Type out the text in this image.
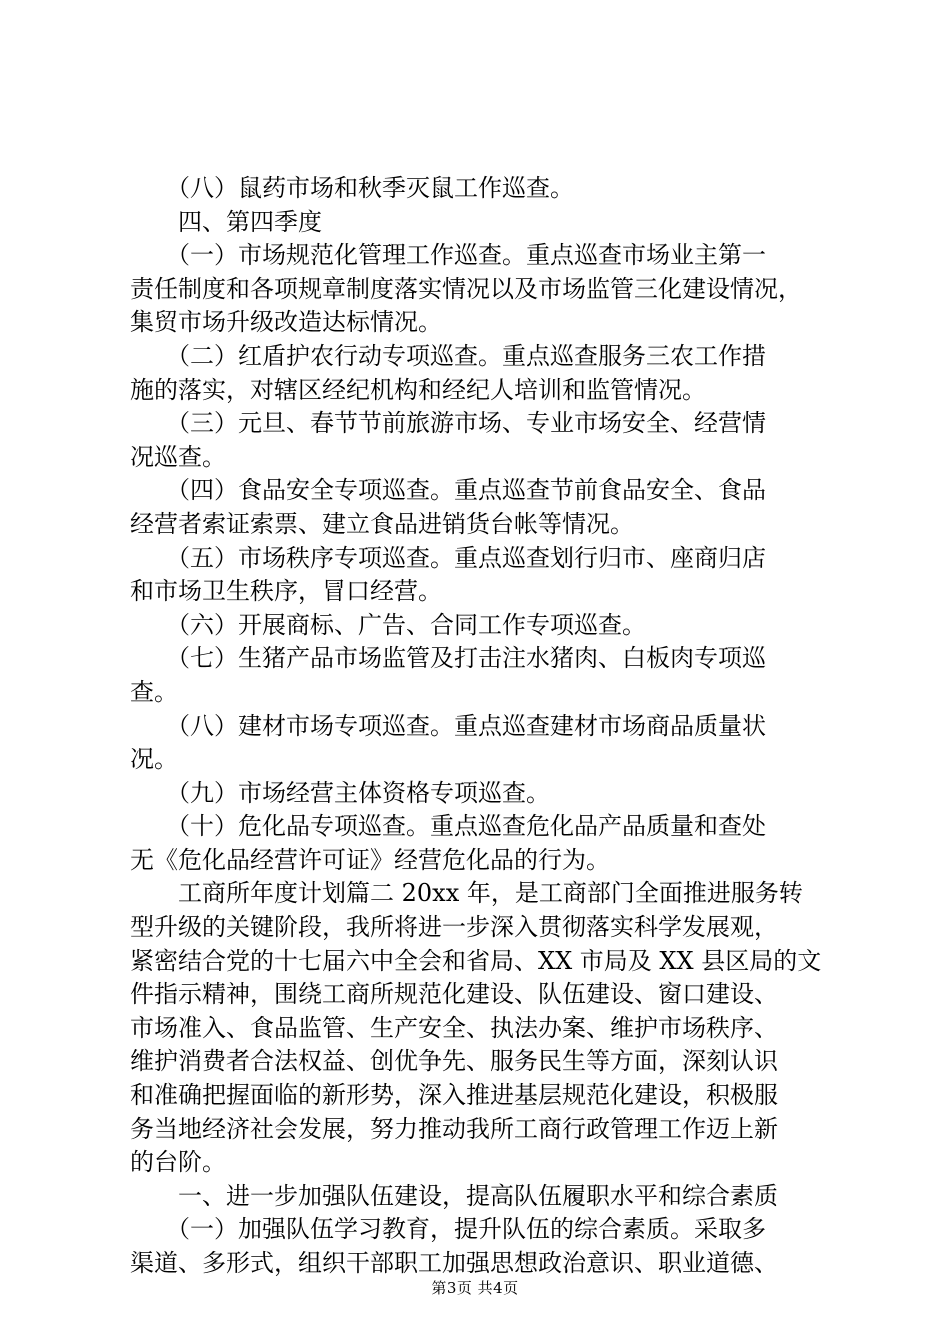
　　（八）鼠药市场和秋季灭鼠工作巡查。
　　四、第四季度
　　（一）市场规范化管理工作巡查。重点巡查市场业主第一
责任制度和各项规章制度落实情况以及市场监管三化建设情况，
集贸市场升级改造达标情况。
　　（二）红盾护农行动专项巡查。重点巡查服务三农工作措
施的落实，对辖区经纪机构和经纪人培训和监管情况。
　　（三）元旦、春节节前旅游市场、专业市场安全、经营情
况巡查。
　　（四）食品安全专项巡查。重点巡查节前食品安全、食品
经营者索证索票、建立食品进销货台帐等情况。
　　（五）市场秩序专项巡查。重点巡查划行归市、座商归店
和市场卫生秩序，冒口经营。
　　（六）开展商标、广告、合同工作专项巡查。
　　（七）生猪产品市场监管及打击注水猪肉、白板肉专项巡
查。
　　（八）建材市场专项巡查。重点巡查建材市场商品质量状
况。
　　（九）市场经营主体资格专项巡查。
　　（十）危化品专项巡查。重点巡查危化品产品质量和查处
无《危化品经营许可证》经营危化品的行为。
　　工商所年度计划篇二 20xx 年，是工商部门全面推进服务转
型升级的关键阶段，我所将进一步深入贯彻落实科学发展观，
紧密结合党的十七届六中全会和省局、XX 市局及 XX 县区局的文
件指示精神，围绕工商所规范化建设、队伍建设、窗口建设、
市场准入、食品监管、生产安全、执法办案、维护市场秩序、
维护消费者合法权益、创优争先、服务民生等方面，深刻认识
和准确把握面临的新形势，深入推进基层规范化建设，积极服
务当地经济社会发展，努力推动我所工商行政管理工作迈上新
的台阶。
　　一、进一步加强队伍建设，提高队伍履职水平和综合素质
　　（一）加强队伍学习教育，提升队伍的综合素质。采取多
渠道、多形式，组织干部职工加强思想政治意识、职业道德、
第3页 共4页
